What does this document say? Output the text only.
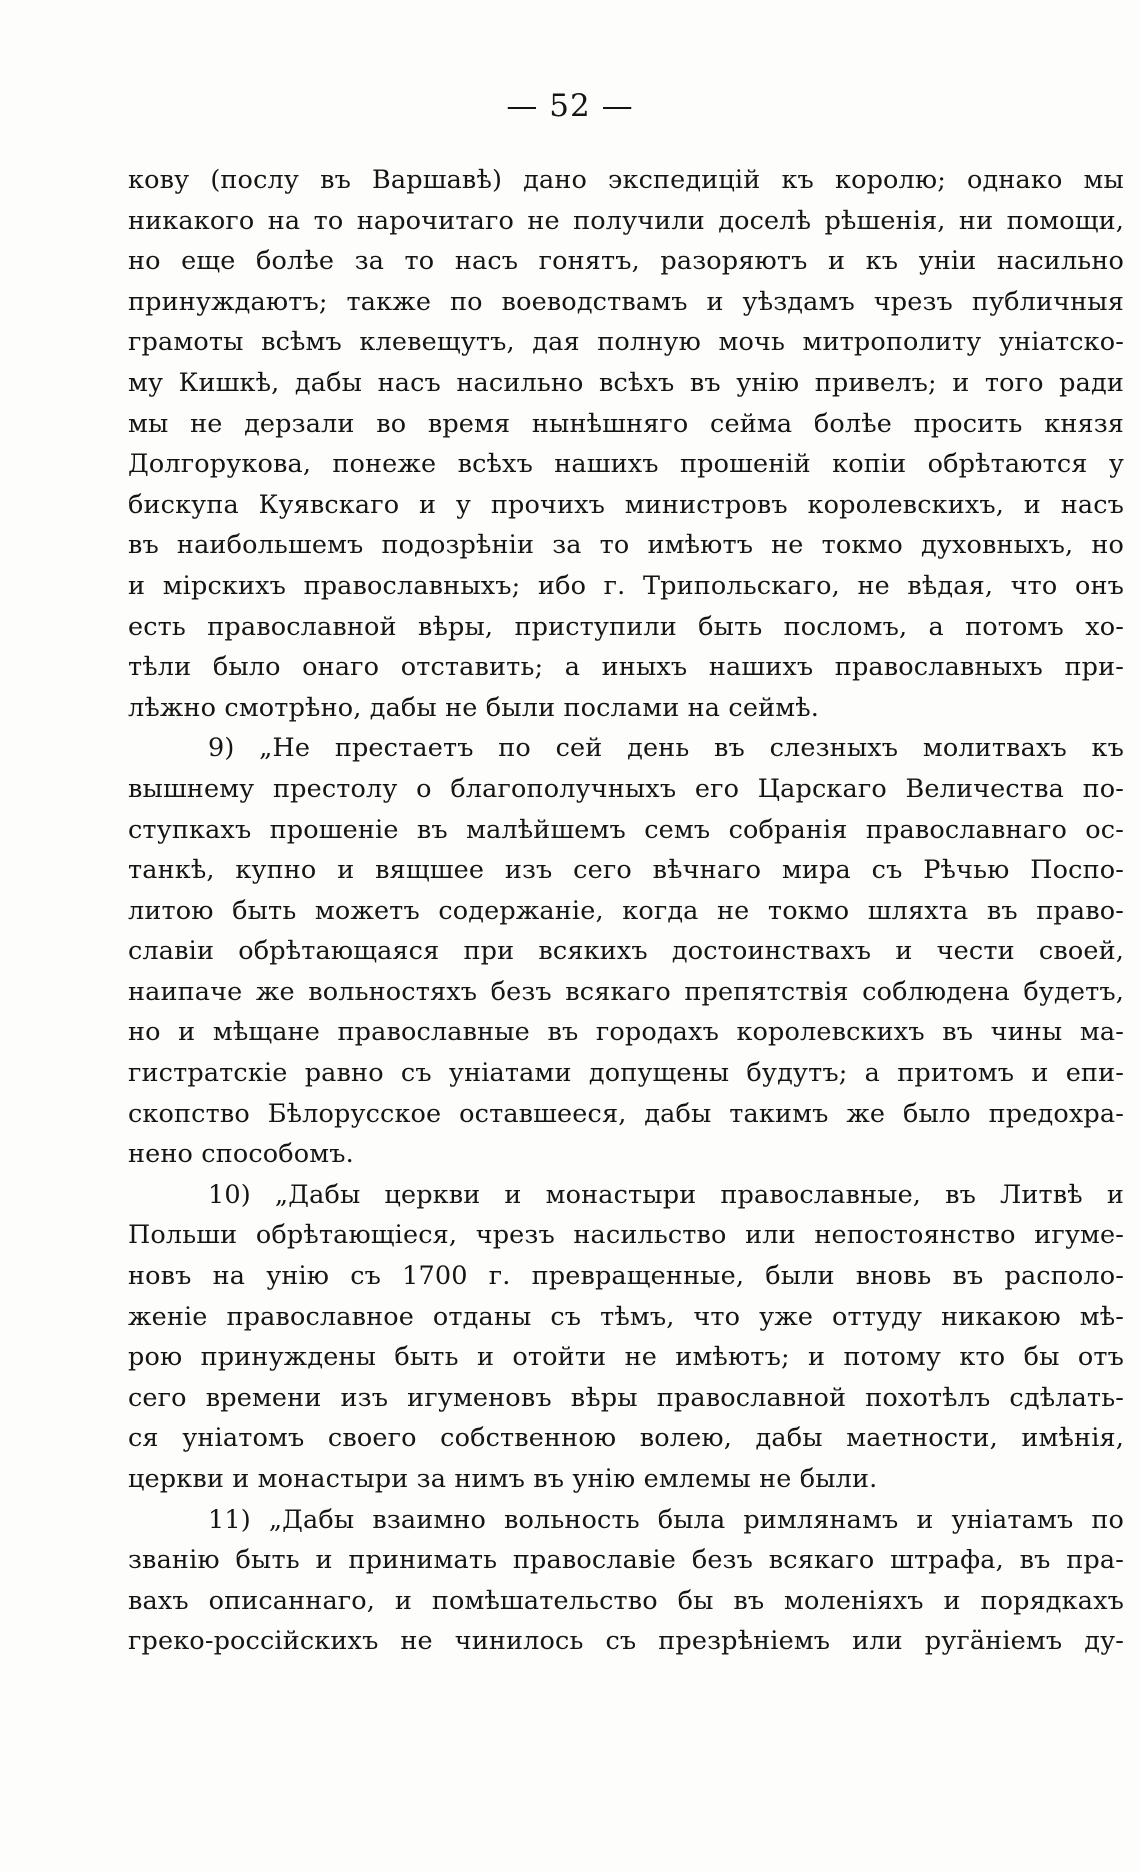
— 52 —
кову (послу въ Варшавѣ) дано экспедицій къ королю; однако мы
никакого на то нарочитаго не получили доселѣ рѣшенія, ни помощи,
но еще болѣе за то насъ гонятъ, разоряютъ и къ уніи насильно
принуждаютъ; также по воеводствамъ и уѣздамъ чрезъ публичныя
грамоты всѣмъ клевещутъ, дая полную мочь митрополиту уніатско-
му Кишкѣ, дабы насъ насильно всѣхъ въ унію привелъ; и того ради
мы не дерзали во время нынѣшняго сейма болѣе просить князя
Долгорукова, понеже всѣхъ нашихъ прошеній копіи обрѣтаются у
бискупа Куявскаго и у прочихъ министровъ королевскихъ, и насъ
въ наибольшемъ подозрѣніи за то имѣютъ не токмо духовныхъ, но
и мірскихъ православныхъ; ибо г. Трипольскаго, не вѣдая, что онъ
есть православной вѣры, приступили быть посломъ, а потомъ хо-
тѣли было онаго отставить; а иныхъ нашихъ православныхъ при-
лѣжно смотрѣно, дабы не были послами на сеймѣ.
9) „Не престаетъ по сей день въ слезныхъ молитвахъ къ
вышнему престолу о благополучныхъ его Царскаго Величества по-
ступкахъ прошеніе въ малѣйшемъ семъ собранія православнаго ос-
танкѣ, купно и вящшее изъ сего вѣчнаго мира съ Рѣчью Поспо-
литою быть можетъ содержаніе, когда не токмо шляхта въ право-
славіи обрѣтающаяся при всякихъ достоинствахъ и чести своей,
наипаче же вольностяхъ безъ всякаго препятствія соблюдена будетъ,
но и мѣщане православные въ городахъ королевскихъ въ чины ма-
гистратскіе равно съ уніатами допущены будутъ; а притомъ и епи-
скопство Бѣлорусское оставшееся, дабы такимъ же было предохра-
нено способомъ.
10) „Дабы церкви и монастыри православные, въ Литвѣ и
Польши обрѣтающіеся, чрезъ насильство или непостоянство игуме-
новъ на унію съ 1700 г. превращенные, были вновь въ располо-
женіе православное отданы съ тѣмъ, что уже оттуду никакою мѣ-
рою принуждены быть и отойти не имѣютъ; и потому кто бы отъ
сего времени изъ игуменовъ вѣры православной похотѣлъ сдѣлать-
ся уніатомъ своего собственною волею, дабы маетности, имѣнія,
церкви и монастыри за нимъ въ унію емлемы не были.
11) „Дабы взаимно вольность была римлянамъ и уніатамъ по
званію быть и принимать православіе безъ всякаго штрафа, въ пра-
вахъ описаннаго, и помѣшательство бы въ моленіяхъ и порядкахъ
греко-россійскихъ не чинилось съ презрѣніемъ или ругäніемъ ду-
